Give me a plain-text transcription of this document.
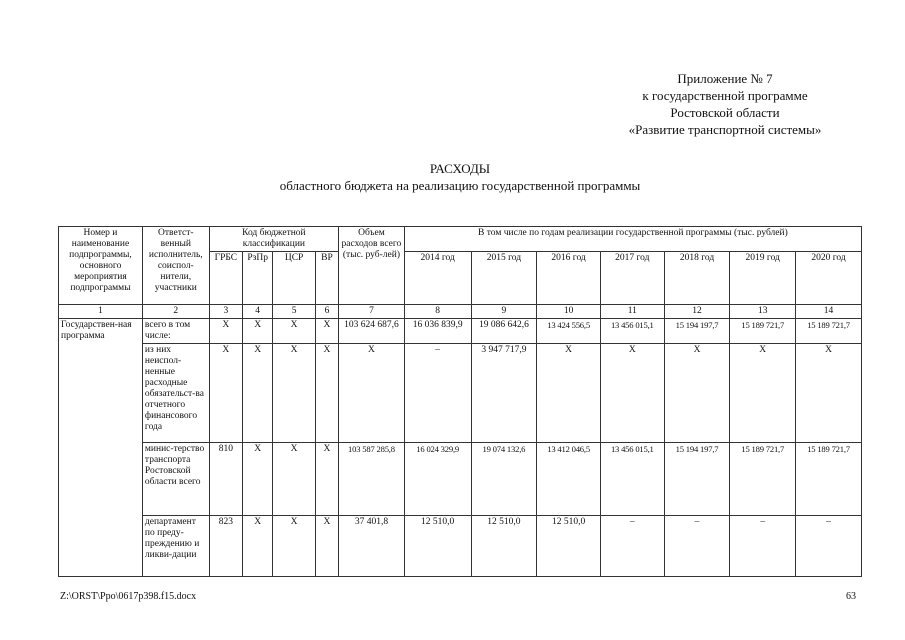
Приложение № 7
к государственной программе
Ростовской области
«Развитие транспортной системы»
РАСХОДЫ
областного бюджета на реализацию государственной программы
Номер и наименование подпрограммы, основного мероприятия подпрограммы	Ответст-венный исполнитель, соиспол-нители, участники	Код бюджетной классификации				Объем расходов всего (тыс. руб-лей)	В том числе по годам реализации государственной программы (тыс. рублей)						
		ГРБС	РзПр	ЦСР	ВР		2014 год	2015 год	2016 год	2017 год	2018 год	2019 год	2020 год
1	2	3	4	5	6	7	8	9	10	11	12	13	14
Государствен-ная программа	всего в том числе:	Х	Х	Х	Х	103 624 687,6	16 036 839,9	19 086 642,6	13 424 556,5	13 456 015,1	15 194 197,7	15 189 721,7	15 189 721,7
	из них неиспол-ненные расходные обязательст-ва отчетного финансового года	Х	Х	Х	Х	Х	–	3 947 717,9	Х	Х	Х	Х	Х
	минис-терство транспорта Ростовской области всего	810	Х	Х	Х	103 587 285,8	16 024 329,9	19 074 132,6	13 412 046,5	13 456 015,1	15 194 197,7	15 189 721,7	15 189 721,7
	департамент по преду-преждению и ликви-дации	823	Х	Х	Х	37 401,8	12 510,0	12 510,0	12 510,0	–	–	–	–
Z:\ORST\Ppo\0617p398.f15.docx	63
